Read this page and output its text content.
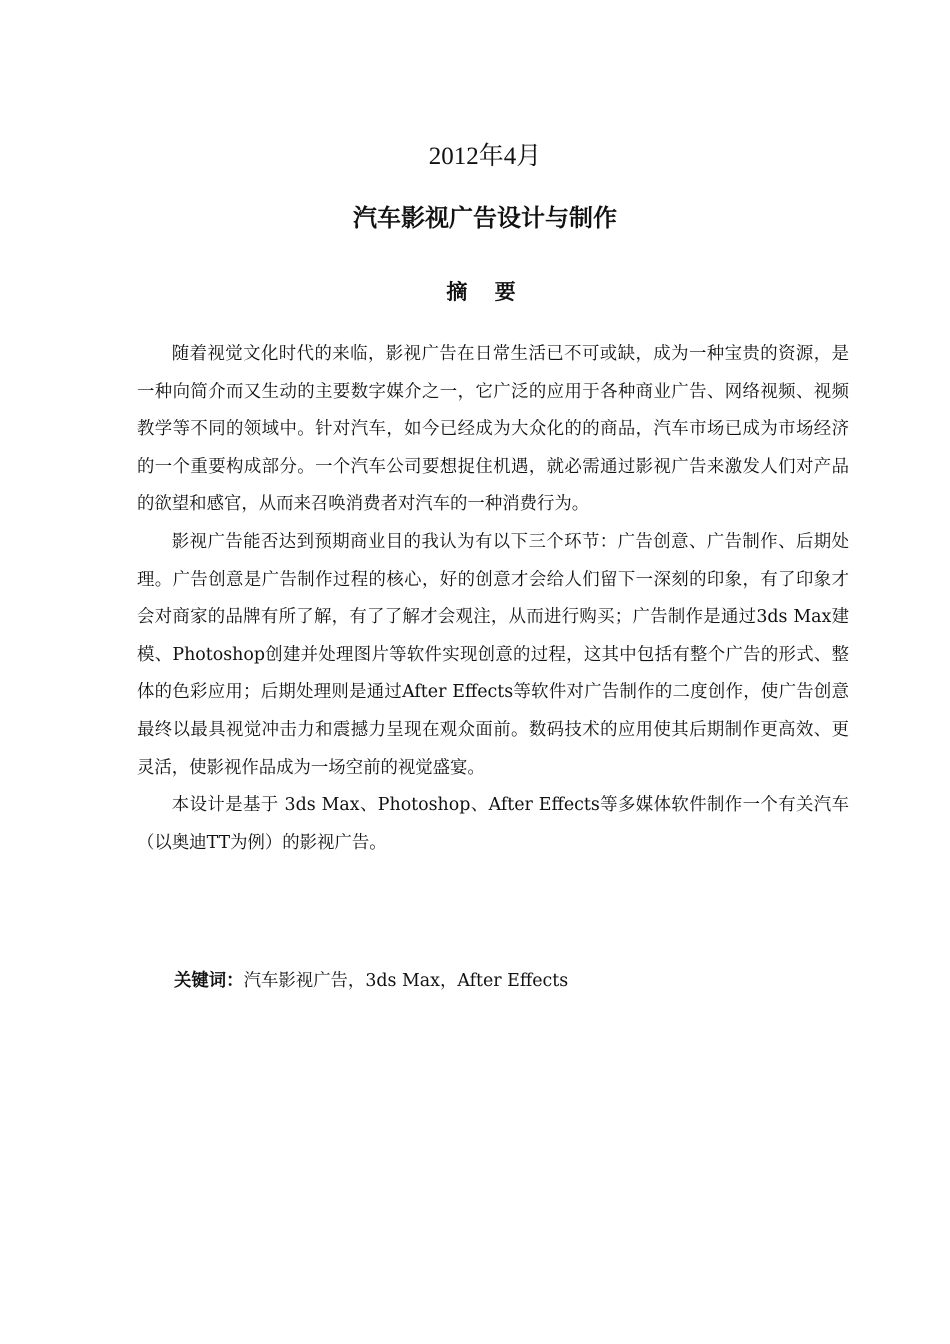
2012年4月
汽车影视广告设计与制作
摘 要

随着视觉文化时代的来临，影视广告在日常生活已不可或缺，成为一种宝贵的资源，是一种向简介而又生动的主要数字媒介之一，它广泛的应用于各种商业广告、网络视频、视频教学等不同的领域中。针对汽车，如今已经成为大众化的的商品，汽车市场已成为市场经济的一个重要构成部分。一个汽车公司要想捉住机遇，就必需通过影视广告来激发人们对产品的欲望和感官，从而来召唤消费者对汽车的一种消费行为。

影视广告能否达到预期商业目的我认为有以下三个环节：广告创意、广告制作、后期处理。广告创意是广告制作过程的核心，好的创意才会给人们留下一深刻的印象，有了印象才会对商家的品牌有所了解，有了了解才会观注，从而进行购买；广告制作是通过3ds Max建模、Photoshop创建并处理图片等软件实现创意的过程，这其中包括有整个广告的形式、整体的色彩应用；后期处理则是通过After Effects等软件对广告制作的二度创作，使广告创意最终以最具视觉冲击力和震撼力呈现在观众面前。数码技术的应用使其后期制作更高效、更灵活，使影视作品成为一场空前的视觉盛宴。

本设计是基于 3ds Max、Photoshop、After Effects等多媒体软件制作一个有关汽车（以奥迪TT为例）的影视广告。

关键词：汽车影视广告，3ds Max，After Effects
